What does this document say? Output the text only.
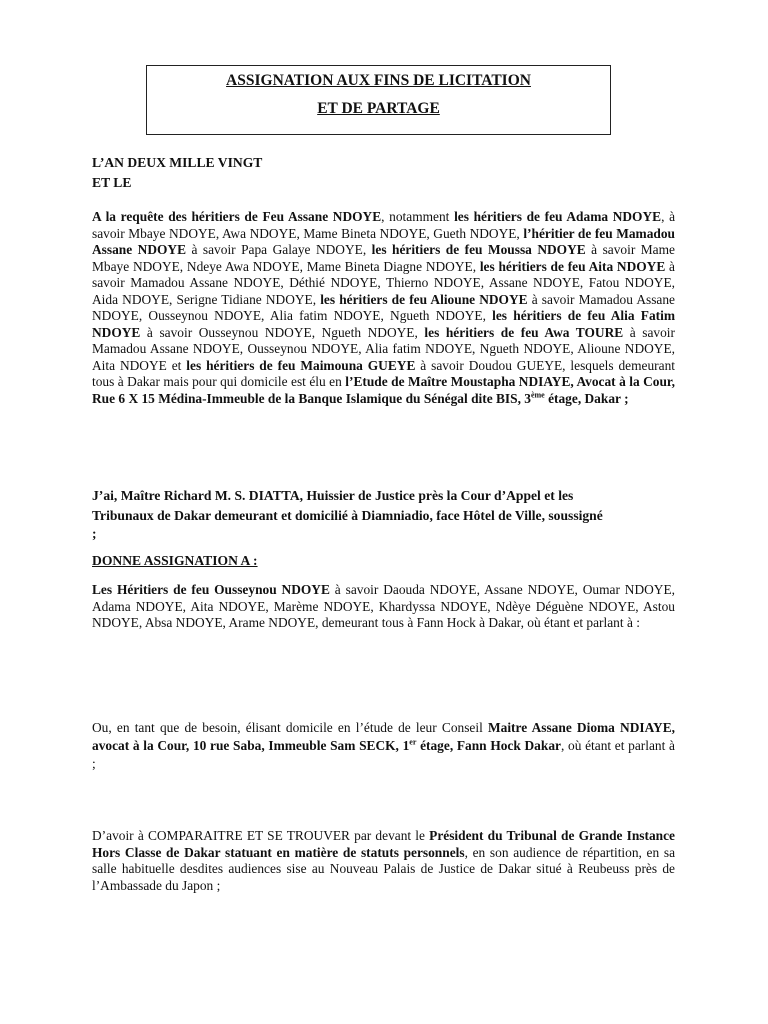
ASSIGNATION AUX FINS DE LICITATION
ET DE PARTAGE
L’AN DEUX MILLE VINGT
ET LE
A la requête des héritiers de Feu Assane NDOYE, notamment les héritiers de feu Adama NDOYE, à savoir Mbaye NDOYE, Awa NDOYE, Mame Bineta NDOYE, Gueth NDOYE, l’héritier de feu Mamadou Assane NDOYE à savoir Papa Galaye NDOYE, les héritiers de feu Moussa NDOYE à savoir Mame Mbaye NDOYE, Ndeye Awa NDOYE, Mame Bineta Diagne NDOYE, les héritiers de feu Aita NDOYE à savoir Mamadou Assane NDOYE, Déthié NDOYE, Thierno NDOYE, Assane NDOYE, Fatou NDOYE, Aida NDOYE, Serigne Tidiane NDOYE, les héritiers de feu Alioune NDOYE à savoir Mamadou Assane NDOYE, Ousseynou NDOYE, Alia fatim NDOYE, Ngueth NDOYE, les héritiers de feu Alia Fatim NDOYE à savoir Ousseynou NDOYE, Ngueth NDOYE, les héritiers de feu Awa TOURE à savoir Mamadou Assane NDOYE, Ousseynou NDOYE, Alia fatim NDOYE, Ngueth NDOYE, Alioune NDOYE, Aita NDOYE et les héritiers de feu Maimouna GUEYE à savoir Doudou GUEYE, lesquels demeurant tous à Dakar mais pour qui domicile est élu en l’Etude de Maître Moustapha NDIAYE, Avocat à la Cour, Rue 6 X 15 Médina-Immeuble de la Banque Islamique du Sénégal dite BIS, 3ème étage, Dakar ;
J’ai, Maître Richard M. S. DIATTA, Huissier de Justice près la Cour d’Appel et les
Tribunaux de Dakar demeurant et domicilié à Diamniadio, face Hôtel de Ville, soussigné
;
DONNE ASSIGNATION A :
Les Héritiers de feu Ousseynou NDOYE à savoir Daouda NDOYE, Assane NDOYE, Oumar NDOYE, Adama NDOYE, Aita NDOYE, Marème NDOYE, Khardyssa NDOYE, Ndèye Déguène NDOYE, Astou NDOYE, Absa NDOYE, Arame NDOYE, demeurant tous à Fann Hock à Dakar, où étant et parlant à :
Ou, en tant que de besoin, élisant domicile en l’étude de leur Conseil Maitre Assane Dioma NDIAYE, avocat à la Cour, 10 rue Saba, Immeuble Sam SECK, 1er étage, Fann Hock Dakar, où étant et parlant à ;
D’avoir à COMPARAITRE ET SE TROUVER par devant le Président du Tribunal de Grande Instance Hors Classe de Dakar statuant en matière de statuts personnels, en son audience de répartition, en sa salle habituelle desdites audiences sise au Nouveau Palais de Justice de Dakar situé à Reubeuss près de l’Ambassade du Japon ;
